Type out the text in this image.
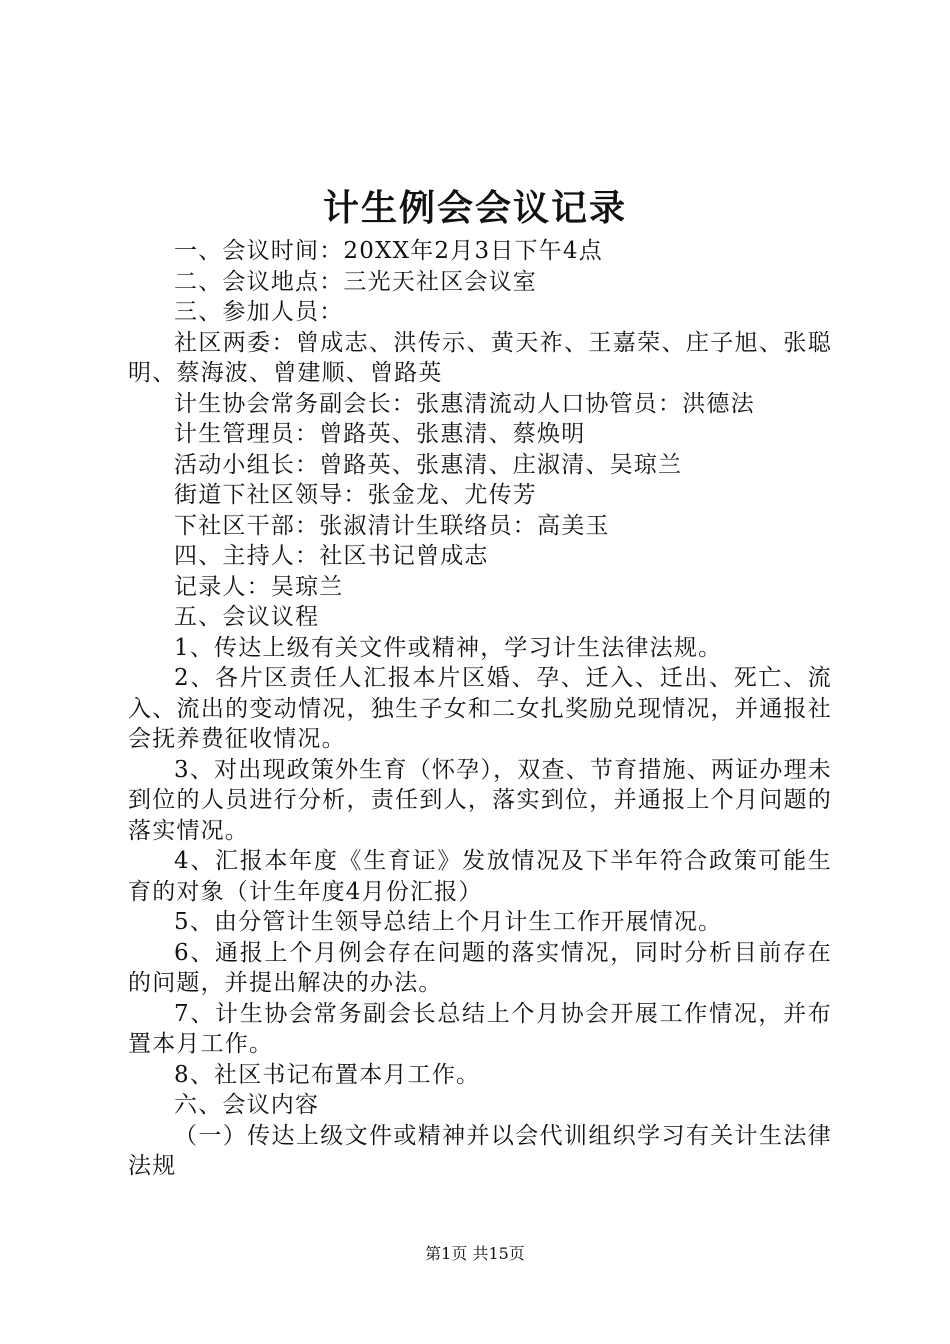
计生例会会议记录

一、会议时间：20XX年2月3日下午4点

二、会议地点：三光天社区会议室

三、参加人员：

社区两委：曾成志、洪传示、黄天祚、王嘉荣、庄子旭、张聪明、蔡海波、曾建顺、曾路英

计生协会常务副会长：张惠清流动人口协管员：洪德法

计生管理员：曾路英、张惠清、蔡焕明

活动小组长：曾路英、张惠清、庄淑清、吴琼兰

街道下社区领导：张金龙、尤传芳

下社区干部：张淑清计生联络员：高美玉

四、主持人：社区书记曾成志

记录人：吴琼兰

五、会议议程

1、传达上级有关文件或精神，学习计生法律法规。

2、各片区责任人汇报本片区婚、孕、迁入、迁出、死亡、流入、流出的变动情况，独生子女和二女扎奖励兑现情况，并通报社会抚养费征收情况。

3、对出现政策外生育（怀孕），双查、节育措施、两证办理未到位的人员进行分析，责任到人，落实到位，并通报上个月问题的落实情况。

4、汇报本年度《生育证》发放情况及下半年符合政策可能生育的对象（计生年度4月份汇报）

5、由分管计生领导总结上个月计生工作开展情况。

6、通报上个月例会存在问题的落实情况，同时分析目前存在的问题，并提出解决的办法。

7、计生协会常务副会长总结上个月协会开展工作情况，并布置本月工作。

8、社区书记布置本月工作。

六、会议内容

（一）传达上级文件或精神并以会代训组织学习有关计生法律法规

第1页 共15页
